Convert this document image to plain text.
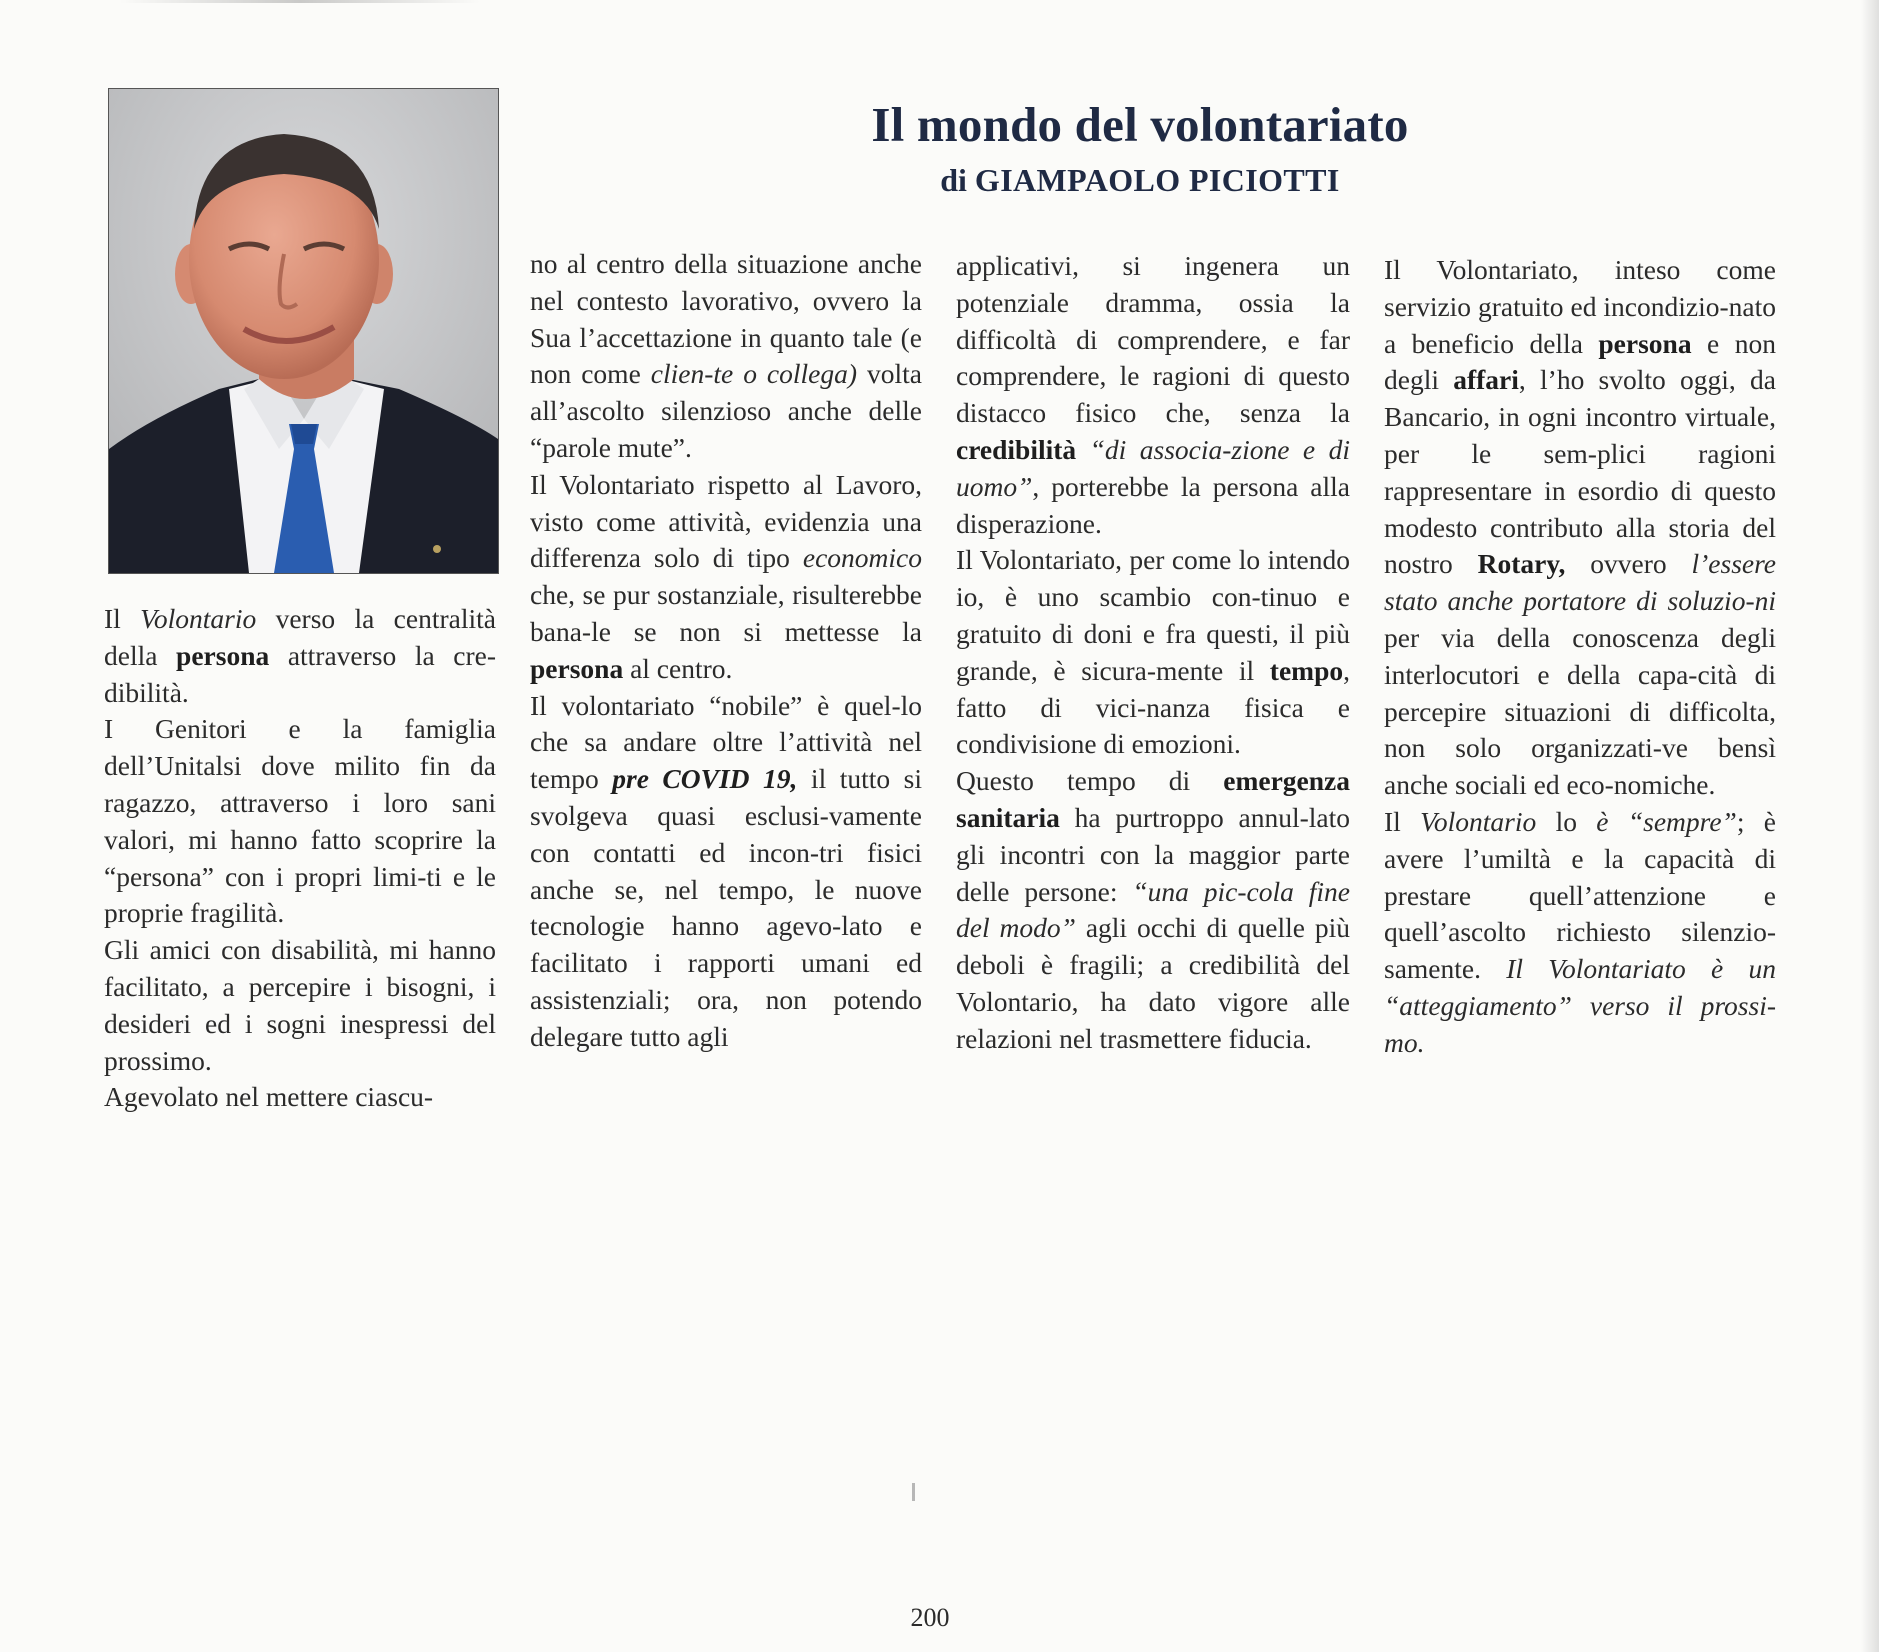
Il mondo del volontariato
di GIAMPAOLO PICIOTTI

Il Volontario verso la centralità della persona attraverso la cre-dibilità.

I Genitori e la famiglia dell’Unitalsi dove milito fin da ragazzo, attraverso i loro sani valori, mi hanno fatto scoprire la “persona” con i propri limi-ti e le proprie fragilità.

Gli amici con disabilità, mi hanno facilitato, a percepire i bisogni, i desideri ed i sogni inespressi del prossimo.

Agevolato nel mettere ciascu-

no al centro della situazione anche nel contesto lavorativo, ovvero la Sua l’accettazione in quanto tale (e non come clien-te o collega) volta all’ascolto silenzioso anche delle “parole mute”.

Il Volontariato rispetto al Lavoro, visto come attività, evidenzia una differenza solo di tipo economico che, se pur sostanziale, risulterebbe bana-le se non si mettesse la persona al centro.

Il volontariato “nobile” è quel-lo che sa andare oltre l’attività nel tempo pre COVID 19, il tutto si svolgeva quasi esclusi-vamente con contatti ed incon-tri fisici anche se, nel tempo, le nuove tecnologie hanno agevo-lato e facilitato i rapporti umani ed assistenziali; ora, non potendo delegare tutto agli

applicativi, si ingenera un potenziale dramma, ossia la difficoltà di comprendere, e far comprendere, le ragioni di questo distacco fisico che, senza la credibilità “di associa-zione e di uomo”, porterebbe la persona alla disperazione.

Il Volontariato, per come lo intendo io, è uno scambio con-tinuo e gratuito di doni e fra questi, il più grande, è sicura-mente il tempo, fatto di vici-nanza fisica e condivisione di emozioni.

Questo tempo di emergenza sanitaria ha purtroppo annul-lato gli incontri con la maggior parte delle persone: “una pic-cola fine del modo” agli occhi di quelle più deboli è fragili; a credibilità del Volontario, ha dato vigore alle relazioni nel trasmettere fiducia.

Il Volontariato, inteso come servizio gratuito ed incondizio-nato a beneficio della persona e non degli affari, l’ho svolto oggi, da Bancario, in ogni incontro virtuale, per le sem-plici ragioni rappresentare in esordio di questo modesto contributo alla storia del nostro Rotary, ovvero l’essere stato anche portatore di soluzio-ni per via della conoscenza degli interlocutori e della capa-cità di percepire situazioni di difficolta, non solo organizzati-ve bensì anche sociali ed eco-nomiche.

Il Volontario lo è “sempre”; è avere l’umiltà e la capacità di prestare quell’attenzione e quell’ascolto richiesto silenzio-samente. Il Volontariato è un “atteggiamento” verso il prossi-mo.

200
